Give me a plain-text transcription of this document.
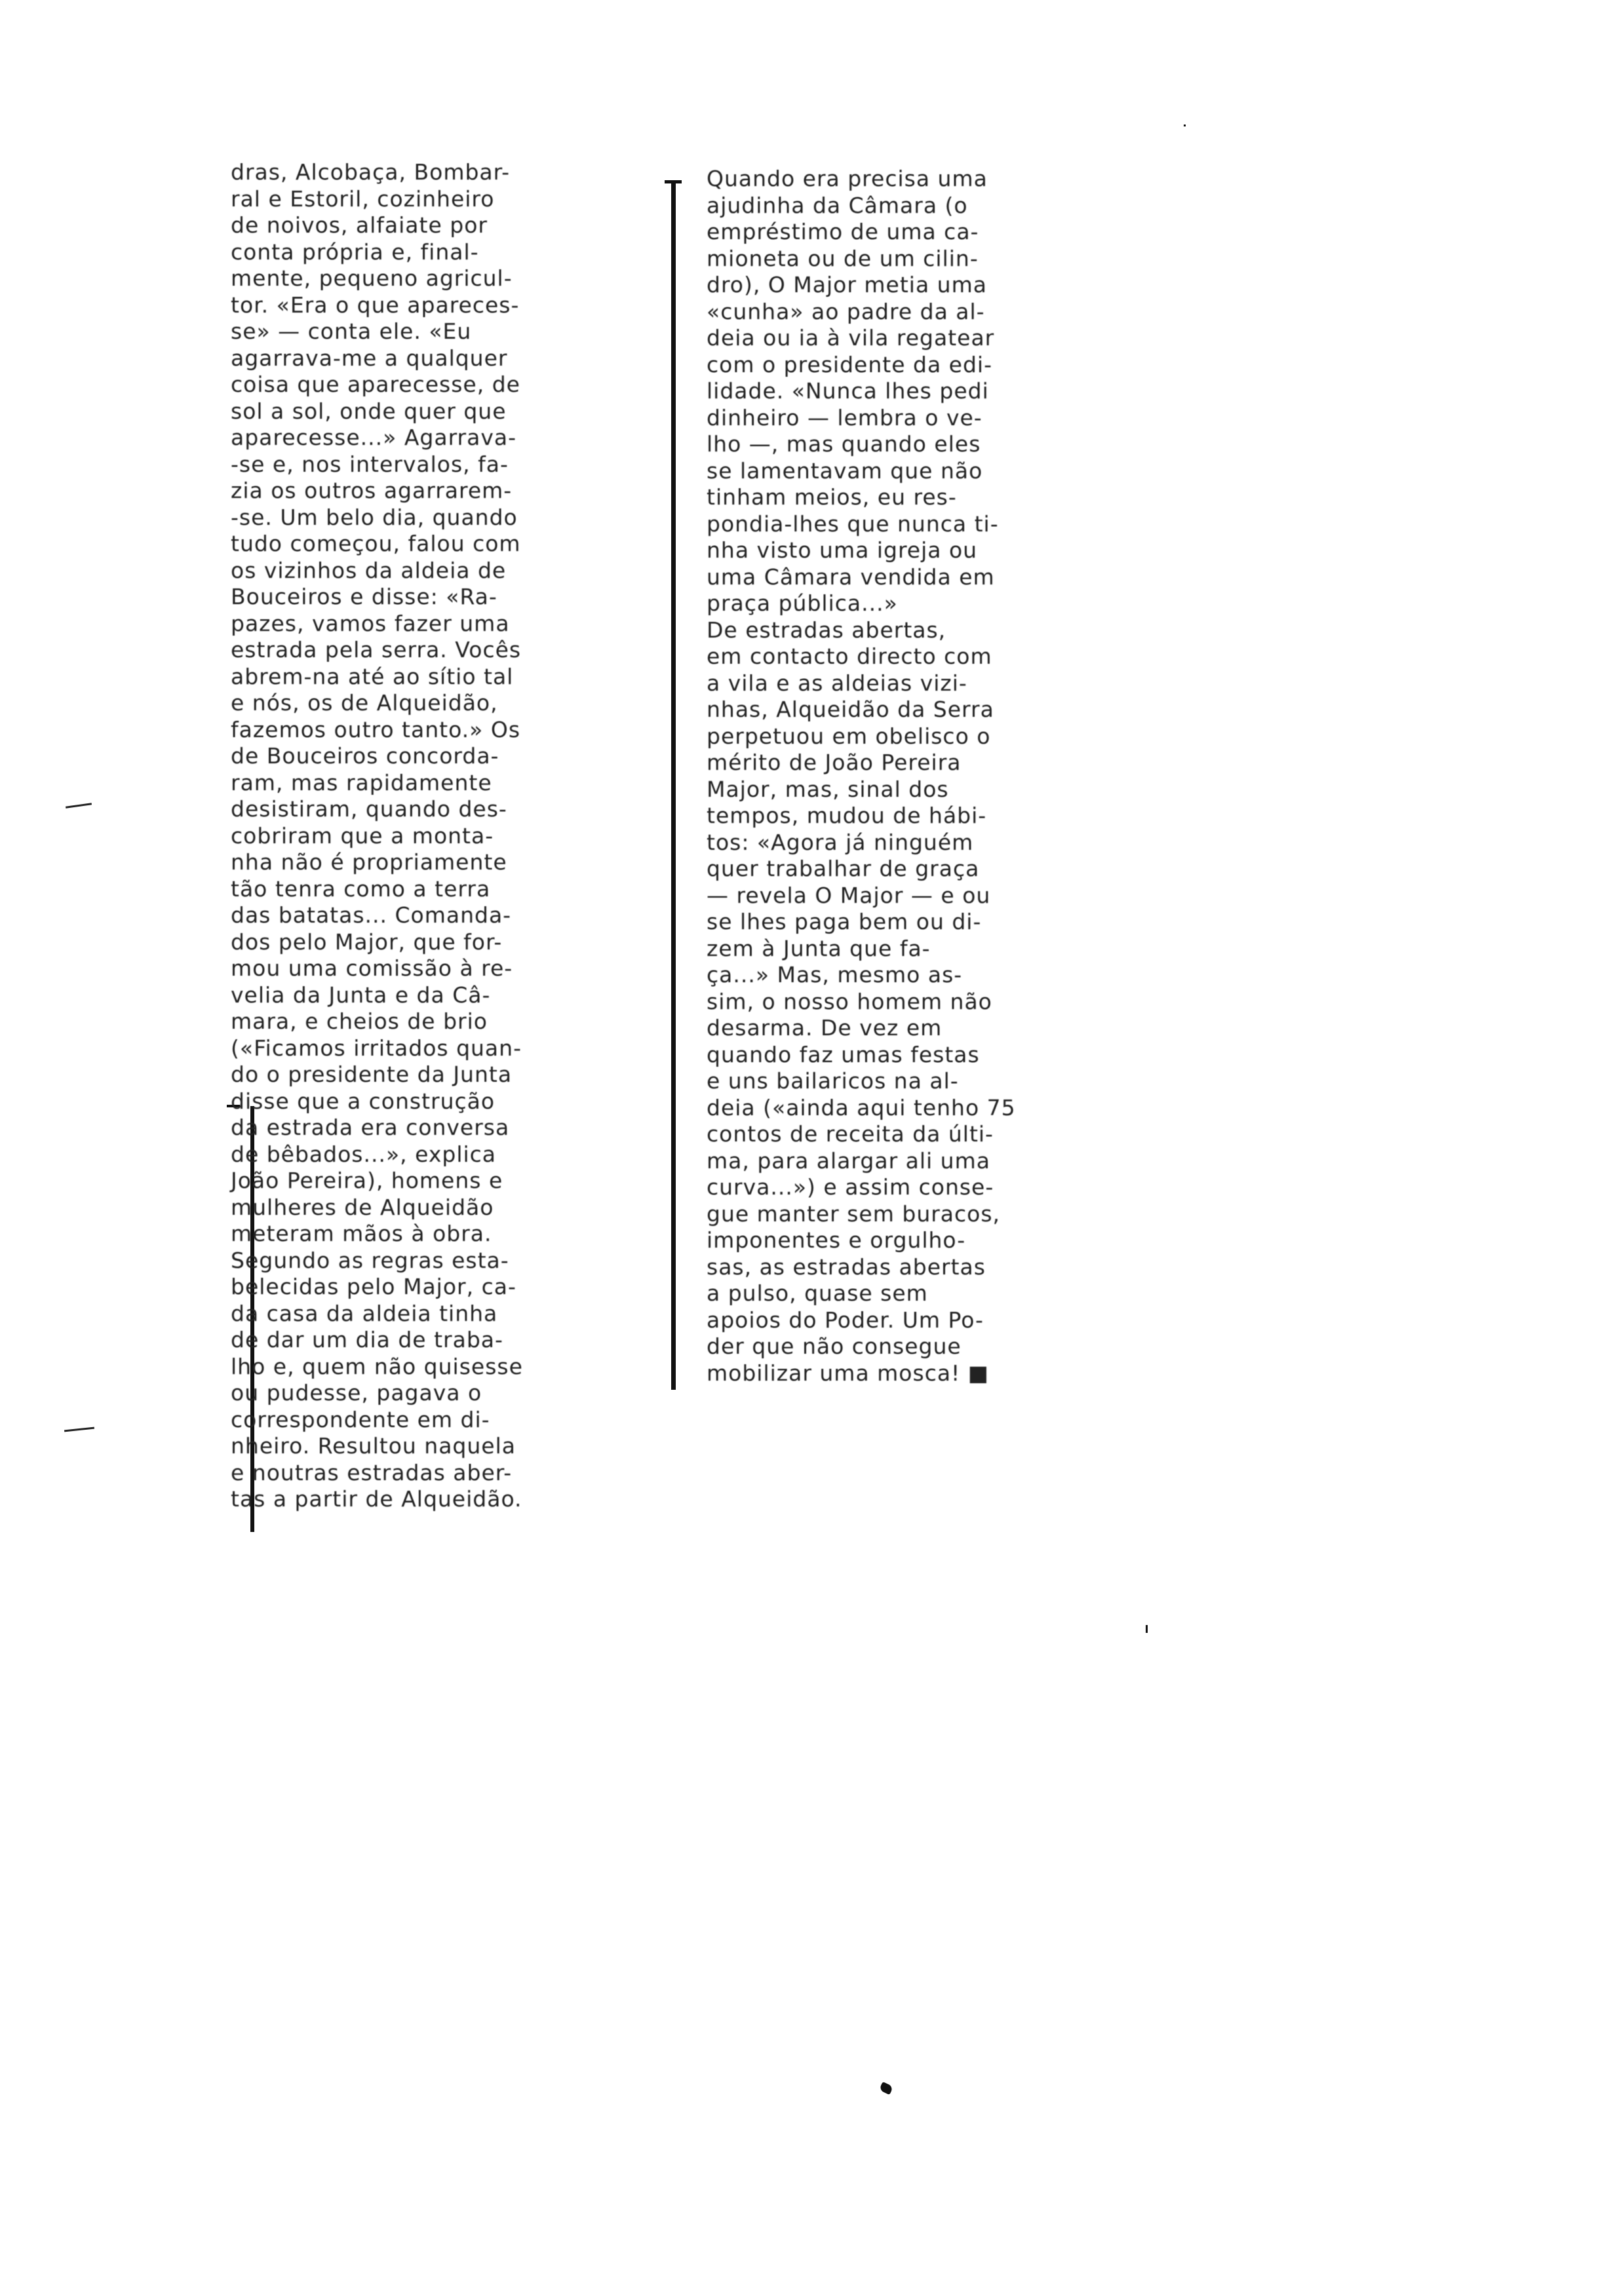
dras, Alcobaça, Bombar-
ral e Estoril, cozinheiro
de noivos, alfaiate por
conta própria e, final-
mente, pequeno agricul-
tor. «Era o que apareces-
se» — conta ele. «Eu
agarrava-me a qualquer
coisa que aparecesse, de
sol a sol, onde quer que
aparecesse...» Agarrava-
-se e, nos intervalos, fa-
zia os outros agarrarem-
-se. Um belo dia, quando
tudo começou, falou com
os vizinhos da aldeia de
Bouceiros e disse: «Ra-
pazes, vamos fazer uma
estrada pela serra. Vocês
abrem-na até ao sítio tal
e nós, os de Alqueidão,
fazemos outro tanto.» Os
de Bouceiros concorda-
ram, mas rapidamente
desistiram, quando des-
cobriram que a monta-
nha não é propriamente
tão tenra como a terra
das batatas... Comanda-
dos pelo Major, que for-
mou uma comissão à re-
velia da Junta e da Câ-
mara, e cheios de brio
(«Ficamos irritados quan-
do o presidente da Junta
disse que a construção
da estrada era conversa
de bêbados...», explica
João Pereira), homens e
mulheres de Alqueidão
meteram mãos à obra.
Segundo as regras esta-
belecidas pelo Major, ca-
da casa da aldeia tinha
de dar um dia de traba-
lho e, quem não quisesse
ou pudesse, pagava o
correspondente em di-
nheiro. Resultou naquela
e noutras estradas aber-
tas a partir de Alqueidão.
Quando era precisa uma
ajudinha da Câmara (o
empréstimo de uma ca-
mioneta ou de um cilin-
dro), O Major metia uma
«cunha» ao padre da al-
deia ou ia à vila regatear
com o presidente da edi-
lidade. «Nunca lhes pedi
dinheiro — lembra o ve-
lho —, mas quando eles
se lamentavam que não
tinham meios, eu res-
pondia-lhes que nunca ti-
nha visto uma igreja ou
uma Câmara vendida em
praça pública...»
De estradas abertas,
em contacto directo com
a vila e as aldeias vizi-
nhas, Alqueidão da Serra
perpetuou em obelisco o
mérito de João Pereira
Major, mas, sinal dos
tempos, mudou de hábi-
tos: «Agora já ninguém
quer trabalhar de graça
— revela O Major — e ou
se lhes paga bem ou di-
zem à Junta que fa-
ça...» Mas, mesmo as-
sim, o nosso homem não
desarma. De vez em
quando faz umas festas
e uns bailaricos na al-
deia («ainda aqui tenho 75
contos de receita da últi-
ma, para alargar ali uma
curva...») e assim conse-
gue manter sem buracos,
imponentes e orgulho-
sas, as estradas abertas
a pulso, quase sem
apoios do Poder. Um Po-
der que não consegue
mobilizar uma mosca! ■
